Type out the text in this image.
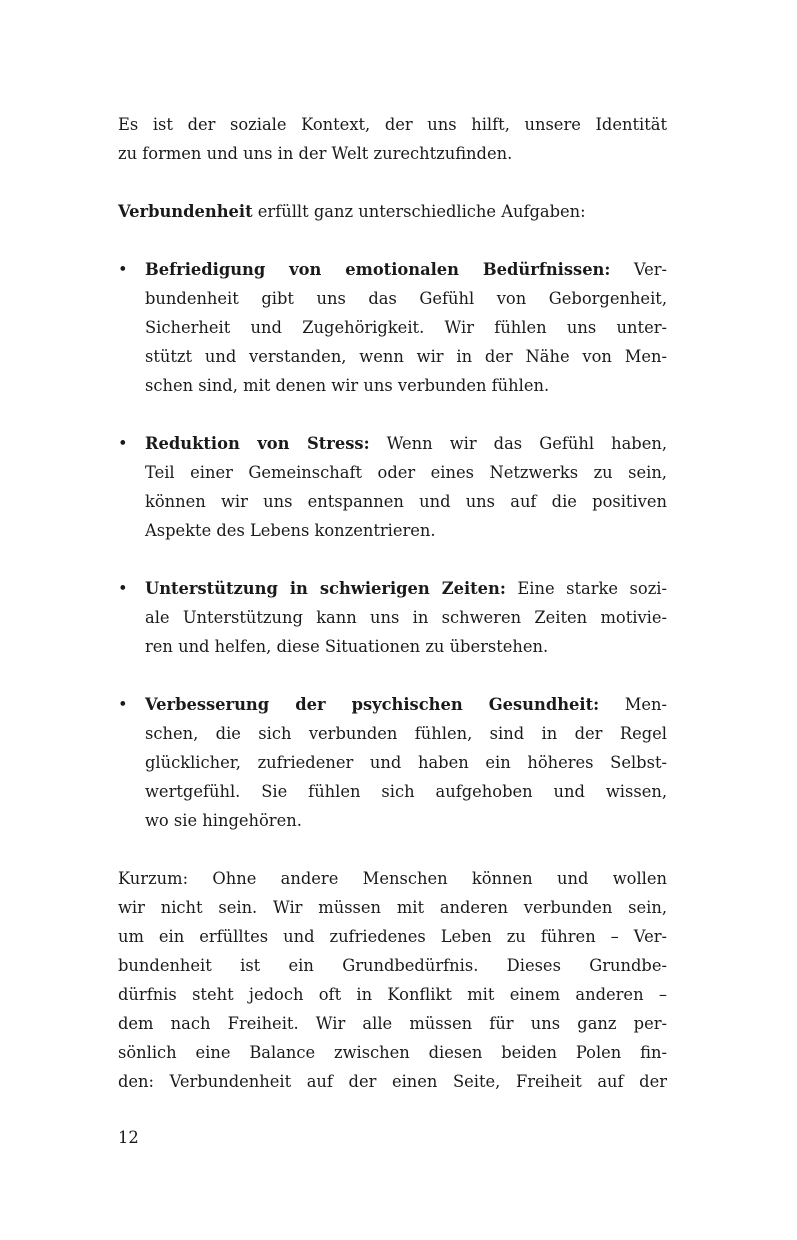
Es ist der soziale Kontext, der uns hilft, unsere Identität
zu formen und uns in der Welt zurechtzufinden.
Verbundenheit erfüllt ganz unterschiedliche Aufgaben:
• Befriedigung von emotionalen Bedürfnissen: Ver-
bundenheit gibt uns das Gefühl von Geborgenheit,
Sicherheit und Zugehörigkeit. Wir fühlen uns unter-
stützt und verstanden, wenn wir in der Nähe von Men-
schen sind, mit denen wir uns verbunden fühlen.
• Reduktion von Stress: Wenn wir das Gefühl haben,
Teil einer Gemeinschaft oder eines Netzwerks zu sein,
können wir uns entspannen und uns auf die positiven
Aspekte des Lebens konzentrieren.
• Unterstützung in schwierigen Zeiten: Eine starke sozi-
ale Unterstützung kann uns in schweren Zeiten motivie-
ren und helfen, diese Situationen zu überstehen.
• Verbesserung der psychischen Gesundheit: Men-
schen, die sich verbunden fühlen, sind in der Regel
glücklicher, zufriedener und haben ein höheres Selbst-
wertgefühl. Sie fühlen sich aufgehoben und wissen,
wo sie hingehören.
Kurzum: Ohne andere Menschen können und wollen
wir nicht sein. Wir müssen mit anderen verbunden sein,
um ein erfülltes und zufriedenes Leben zu führen – Ver-
bundenheit ist ein Grundbedürfnis. Dieses Grundbe-
dürfnis steht jedoch oft in Konflikt mit einem anderen –
dem nach Freiheit. Wir alle müssen für uns ganz per-
sönlich eine Balance zwischen diesen beiden Polen fin-
den: Verbundenheit auf der einen Seite, Freiheit auf der
12
